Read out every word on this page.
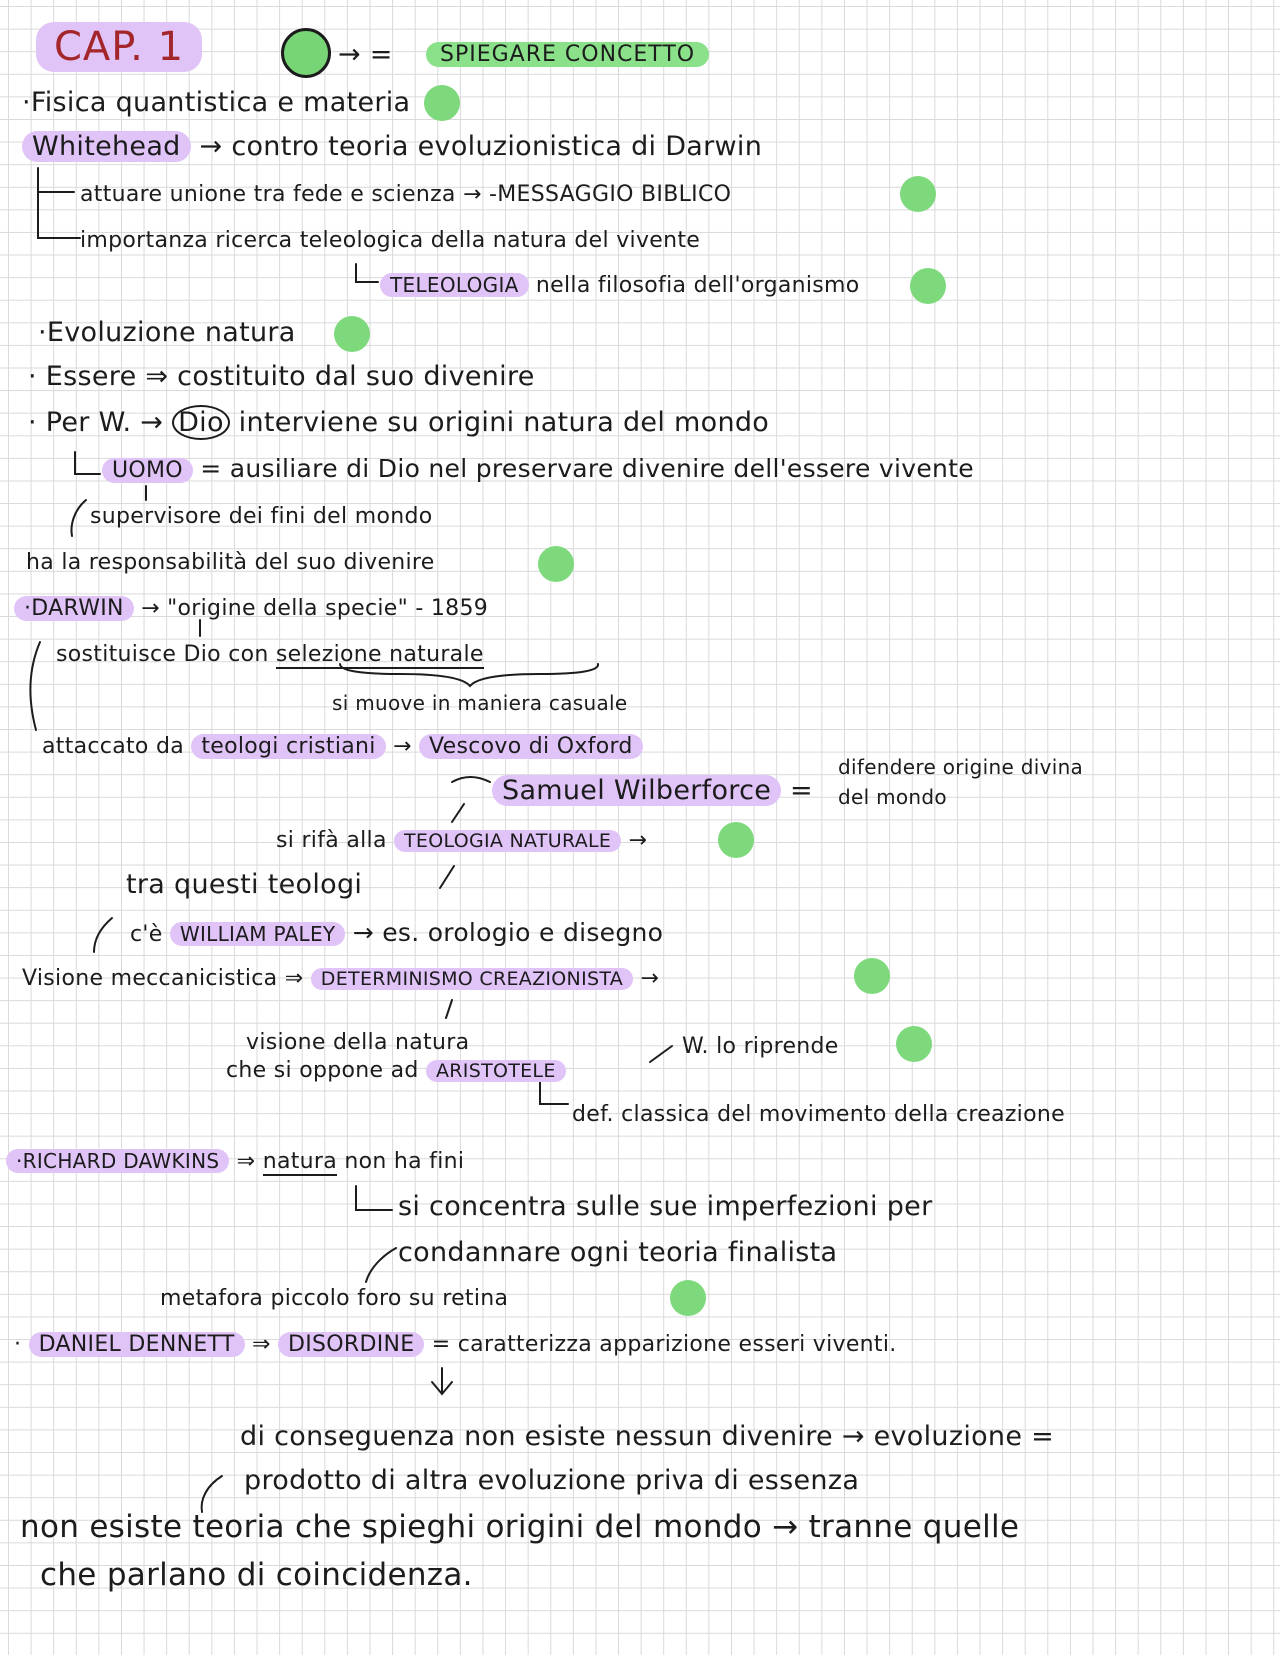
CAP. 1	→ =	SPIEGARE CONCETTO
·Fisica quantistica e materia
Whitehead → contro teoria evoluzionistica di Darwin
attuare unione tra fede e scienza → -MESSAGGIO BIBLICO
importanza ricerca teleologica della natura del vivente
TELEOLOGIA nella filosofia dell'organismo
·Evoluzione natura
· Essere ⇒ costituito dal suo divenire
· Per W. → Dio interviene su origini natura del mondo
UOMO = ausiliare di Dio nel preservare divenire dell'essere vivente
supervisore dei fini del mondo
ha la responsabilità del suo divenire
·DARWIN → "origine della specie" - 1859
sostituisce Dio con selezione naturale
si muove in maniera casuale
attaccato da teologi cristiani → Vescovo di Oxford
Samuel Wilberforce =
difendere origine divina
del mondo
si rifà alla TEOLOGIA NATURALE →
tra questi teologi
c'è WILLIAM PALEY → es. orologio e disegno
Visione meccanicistica ⇒ DETERMINISMO CREAZIONISTA →
visione della natura
che si oppone ad ARISTOTELE
W. lo riprende
def. classica del movimento della creazione
·RICHARD DAWKINS ⇒ natura non ha fini
si concentra sulle sue imperfezioni per
condannare ogni teoria finalista
metafora piccolo foro su retina
· DANIEL DENNETT ⇒ DISORDINE = caratterizza apparizione esseri viventi.
di conseguenza non esiste nessun divenire → evoluzione =
prodotto di altra evoluzione priva di essenza
non esiste teoria che spieghi origini del mondo → tranne quelle
che parlano di coincidenza.
